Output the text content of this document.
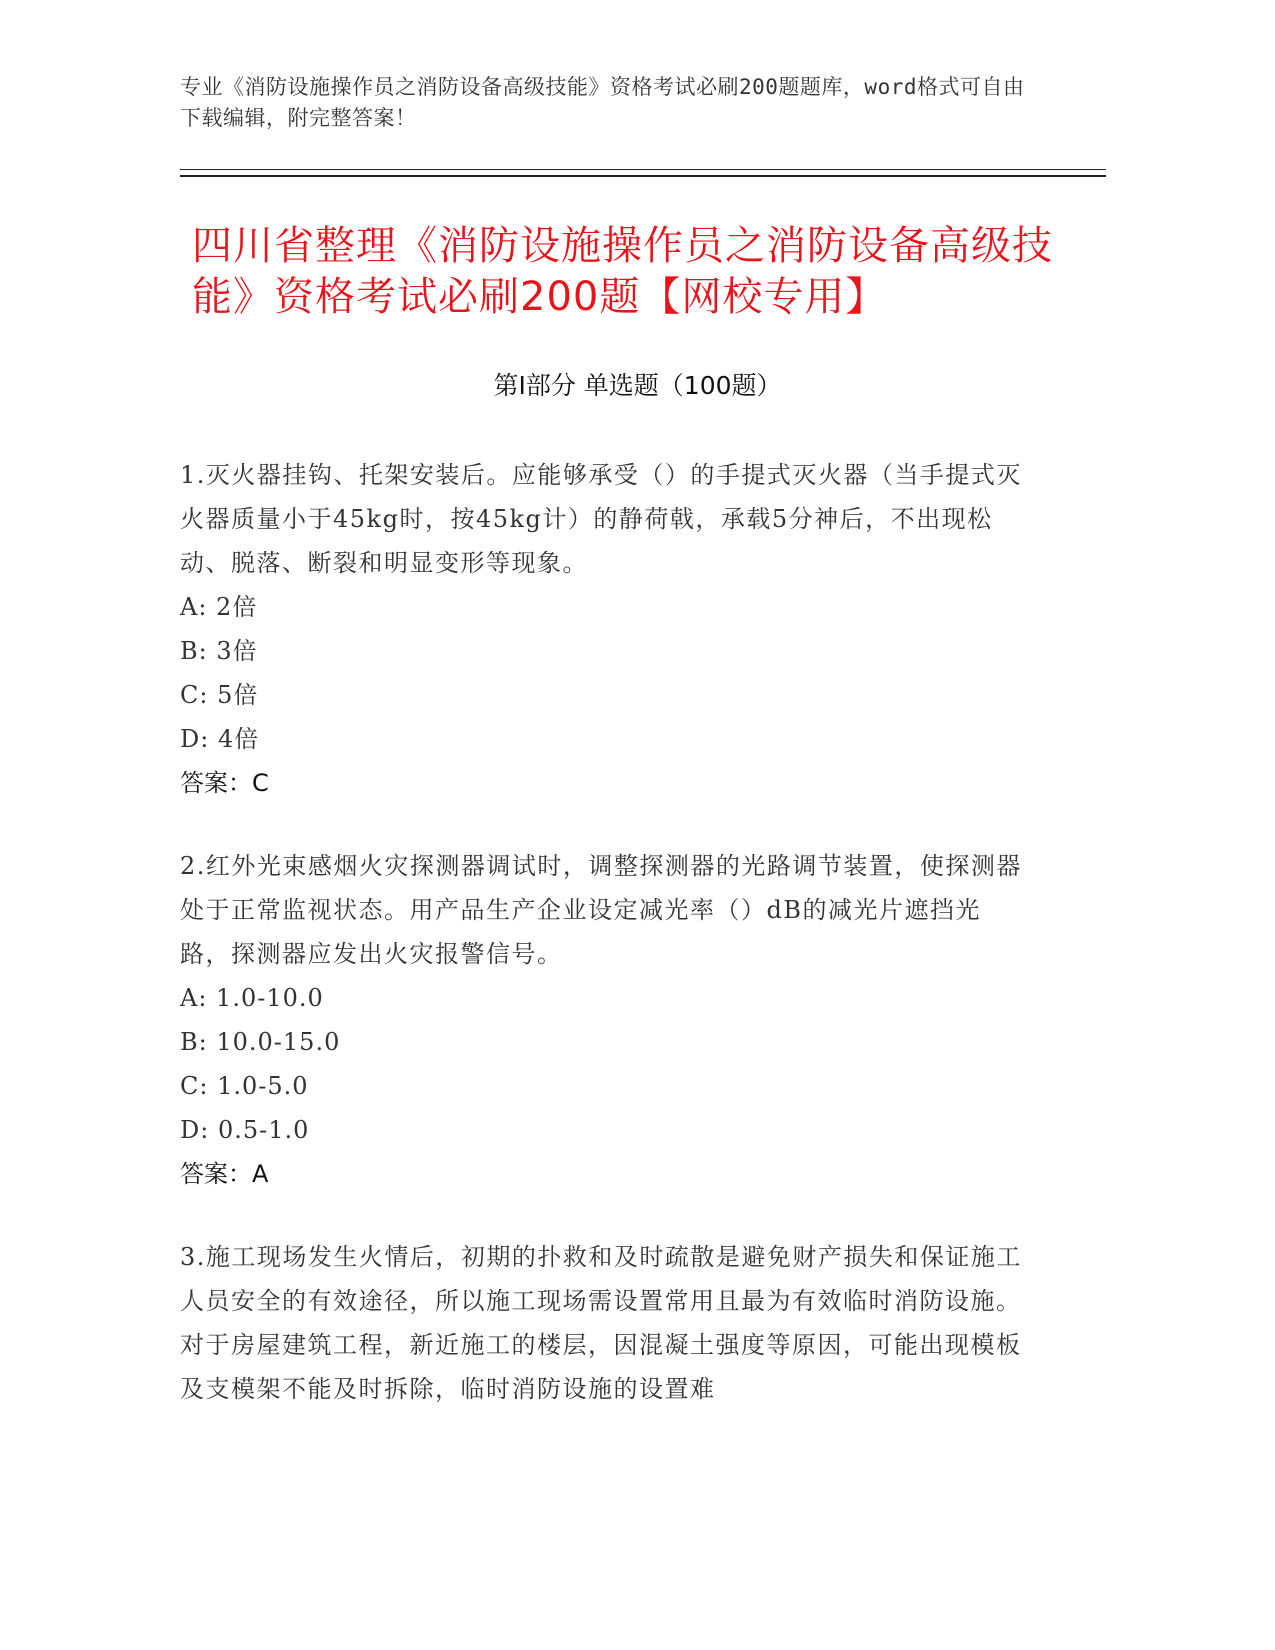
专业《消防设施操作员之消防设备高级技能》资格考试必刷200题题库，word格式可自由下载编辑，附完整答案！
四川省整理《消防设施操作员之消防设备高级技能》资格考试必刷200题【网校专用】
第Ⅰ部分 单选题（100题）

1.灭火器挂钩、托架安装后。应能够承受（）的手提式灭火器（当手提式灭火器质量小于45kg时，按45kg计）的静荷戟，承载5分神后，不出现松动、脱落、断裂和明显变形等现象。

A: 2倍

B: 3倍

C: 5倍

D: 4倍

答案：C

2.红外光束感烟火灾探测器调试时，调整探测器的光路调节装置，使探测器处于正常监视状态。用产品生产企业设定减光率（）dB的减光片遮挡光路，探测器应发出火灾报警信号。

A: 1.0-10.0

B: 10.0-15.0

C: 1.0-5.0

D: 0.5-1.0

答案：A

3.施工现场发生火情后，初期的扑救和及时疏散是避免财产损失和保证施工人员安全的有效途径，所以施工现场需设置常用且最为有效临时消防设施。对于房屋建筑工程，新近施工的楼层，因混凝土强度等原因，可能出现模板及支模架不能及时拆除，临时消防设施的设置难
